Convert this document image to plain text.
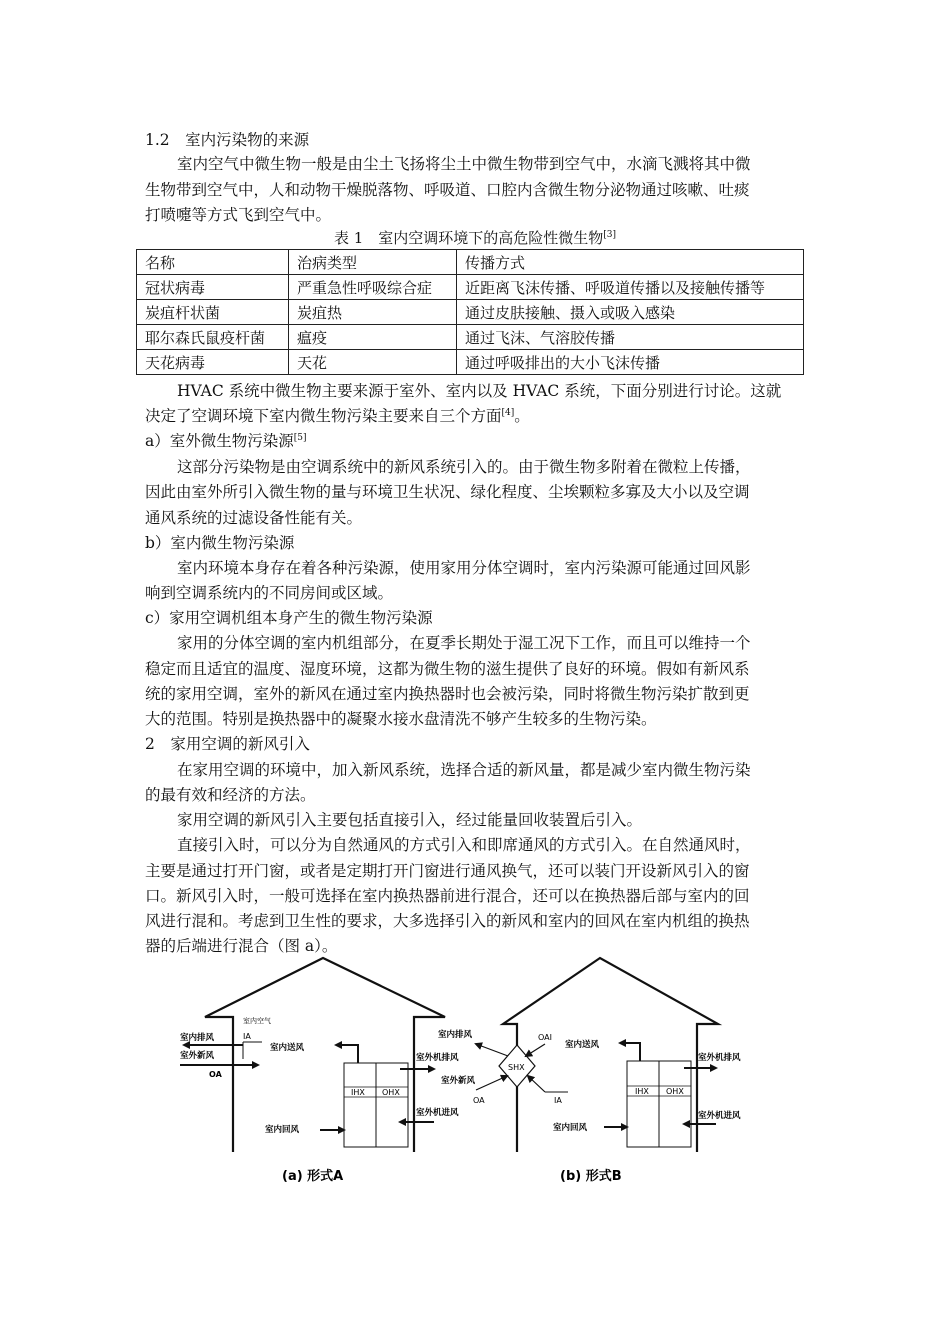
1.2　室内污染物的来源
室内空气中微生物一般是由尘土飞扬将尘土中微生物带到空气中，水滴飞溅将其中微
生物带到空气中，人和动物干燥脱落物、呼吸道、口腔内含微生物分泌物通过咳嗽、吐痰
打喷嚏等方式飞到空气中。
表 1　室内空调环境下的高危险性微生物[3]
名称	治病类型	传播方式
冠状病毒	严重急性呼吸综合症	近距离飞沫传播、呼吸道传播以及接触传播等
炭疽杆状菌	炭疽热	通过皮肤接触、摄入或吸入感染
耶尔森氏鼠疫杆菌	瘟疫	通过飞沫、气溶胶传播
天花病毒	天花	通过呼吸排出的大小飞沫传播
HVAC 系统中微生物主要来源于室外、室内以及 HVAC 系统，下面分别进行讨论。这就
决定了空调环境下室内微生物污染主要来自三个方面[4]。
a）室外微生物污染源[5]
这部分污染物是由空调系统中的新风系统引入的。由于微生物多附着在微粒上传播，
因此由室外所引入微生物的量与环境卫生状况、绿化程度、尘埃颗粒多寡及大小以及空调
通风系统的过滤设备性能有关。
b）室内微生物污染源
室内环境本身存在着各种污染源，使用家用分体空调时，室内污染源可能通过回风影
响到空调系统内的不同房间或区域。
c）家用空调机组本身产生的微生物污染源
家用的分体空调的室内机组部分，在夏季长期处于湿工况下工作，而且可以维持一个
稳定而且适宜的温度、湿度环境，这都为微生物的滋生提供了良好的环境。假如有新风系
统的家用空调，室外的新风在通过室内换热器时也会被污染，同时将微生物污染扩散到更
大的范围。特别是换热器中的凝聚水接水盘清洗不够产生较多的生物污染。
2　家用空调的新风引入
在家用空调的环境中，加入新风系统，选择合适的新风量，都是减少室内微生物污染
的最有效和经济的方法。
家用空调的新风引入主要包括直接引入，经过能量回收装置后引入。
直接引入时，可以分为自然通风的方式引入和即席通风的方式引入。在自然通风时，
主要是通过打开门窗，或者是定期打开门窗进行通风换气，还可以装门开设新风引入的窗
口。新风引入时，一般可选择在室内换热器前进行混合，还可以在换热器后部与室内的回
风进行混和。考虑到卫生性的要求，大多选择引入的新风和室内的回风在室内机组的换热
器的后端进行混合（图 a）。
IHX OHX
室内空气
IA
室内排风
室外新风
OA
室内送风
室外机排风
室外机进风
室内回风
(a) 形式A
IHX OHX
SHX
室内排风	OAI
室内送风
室外新风
OA	IA
室外机排风
室外机进风
室内回风
(b) 形式B
